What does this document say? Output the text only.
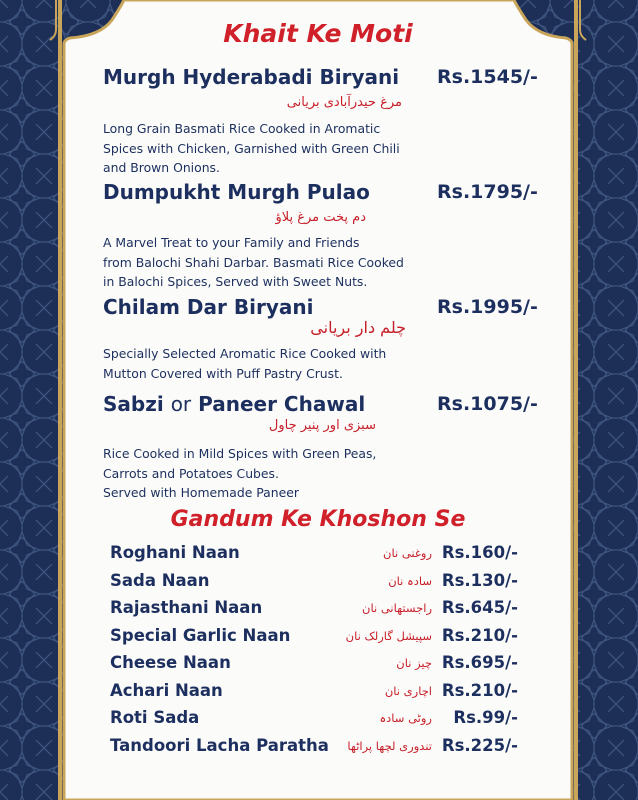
Khait Ke Moti
Murgh Hyderabadi Biryani Rs.1545/-
مرغ حیدرآبادی بریانی
Long Grain Basmati Rice Cooked in Aromatic
Spices with Chicken, Garnished with Green Chili
and Brown Onions.
Dumpukht Murgh Pulao	Rs.1795/-
دم پخت مرغ پلاؤ
A Marvel Treat to your Family and Friends
from Balochi Shahi Darbar. Basmati Rice Cooked
in Balochi Spices, Served with Sweet Nuts.
Chilam Dar Biryani	Rs.1995/-
چلم دار بریانی
Specially Selected Aromatic Rice Cooked with
Mutton Covered with Puff Pastry Crust.
Sabzi or Paneer Chawal	Rs.1075/-
سبزی اور پنیر چاول
Rice Cooked in Mild Spices with Green Peas,
Carrots and Potatoes Cubes.
Served with Homemade Paneer
Gandum Ke Khoshon Se
Roghani Naan	روغنی نان Rs.160/-
Sada Naan	سادہ نان Rs.130/-
Rajasthani Naan	راجستھانی نان Rs.645/-
Special Garlic Naan	سپیشل گارلک نان Rs.210/-
Cheese Naan	چیز نان Rs.695/-
Achari Naan	اچاری نان Rs.210/-
Roti Sada	روٹی سادہ Rs.99/-
Tandoori Lacha Paratha تندوری لچھا پراٹھا Rs.225/-
